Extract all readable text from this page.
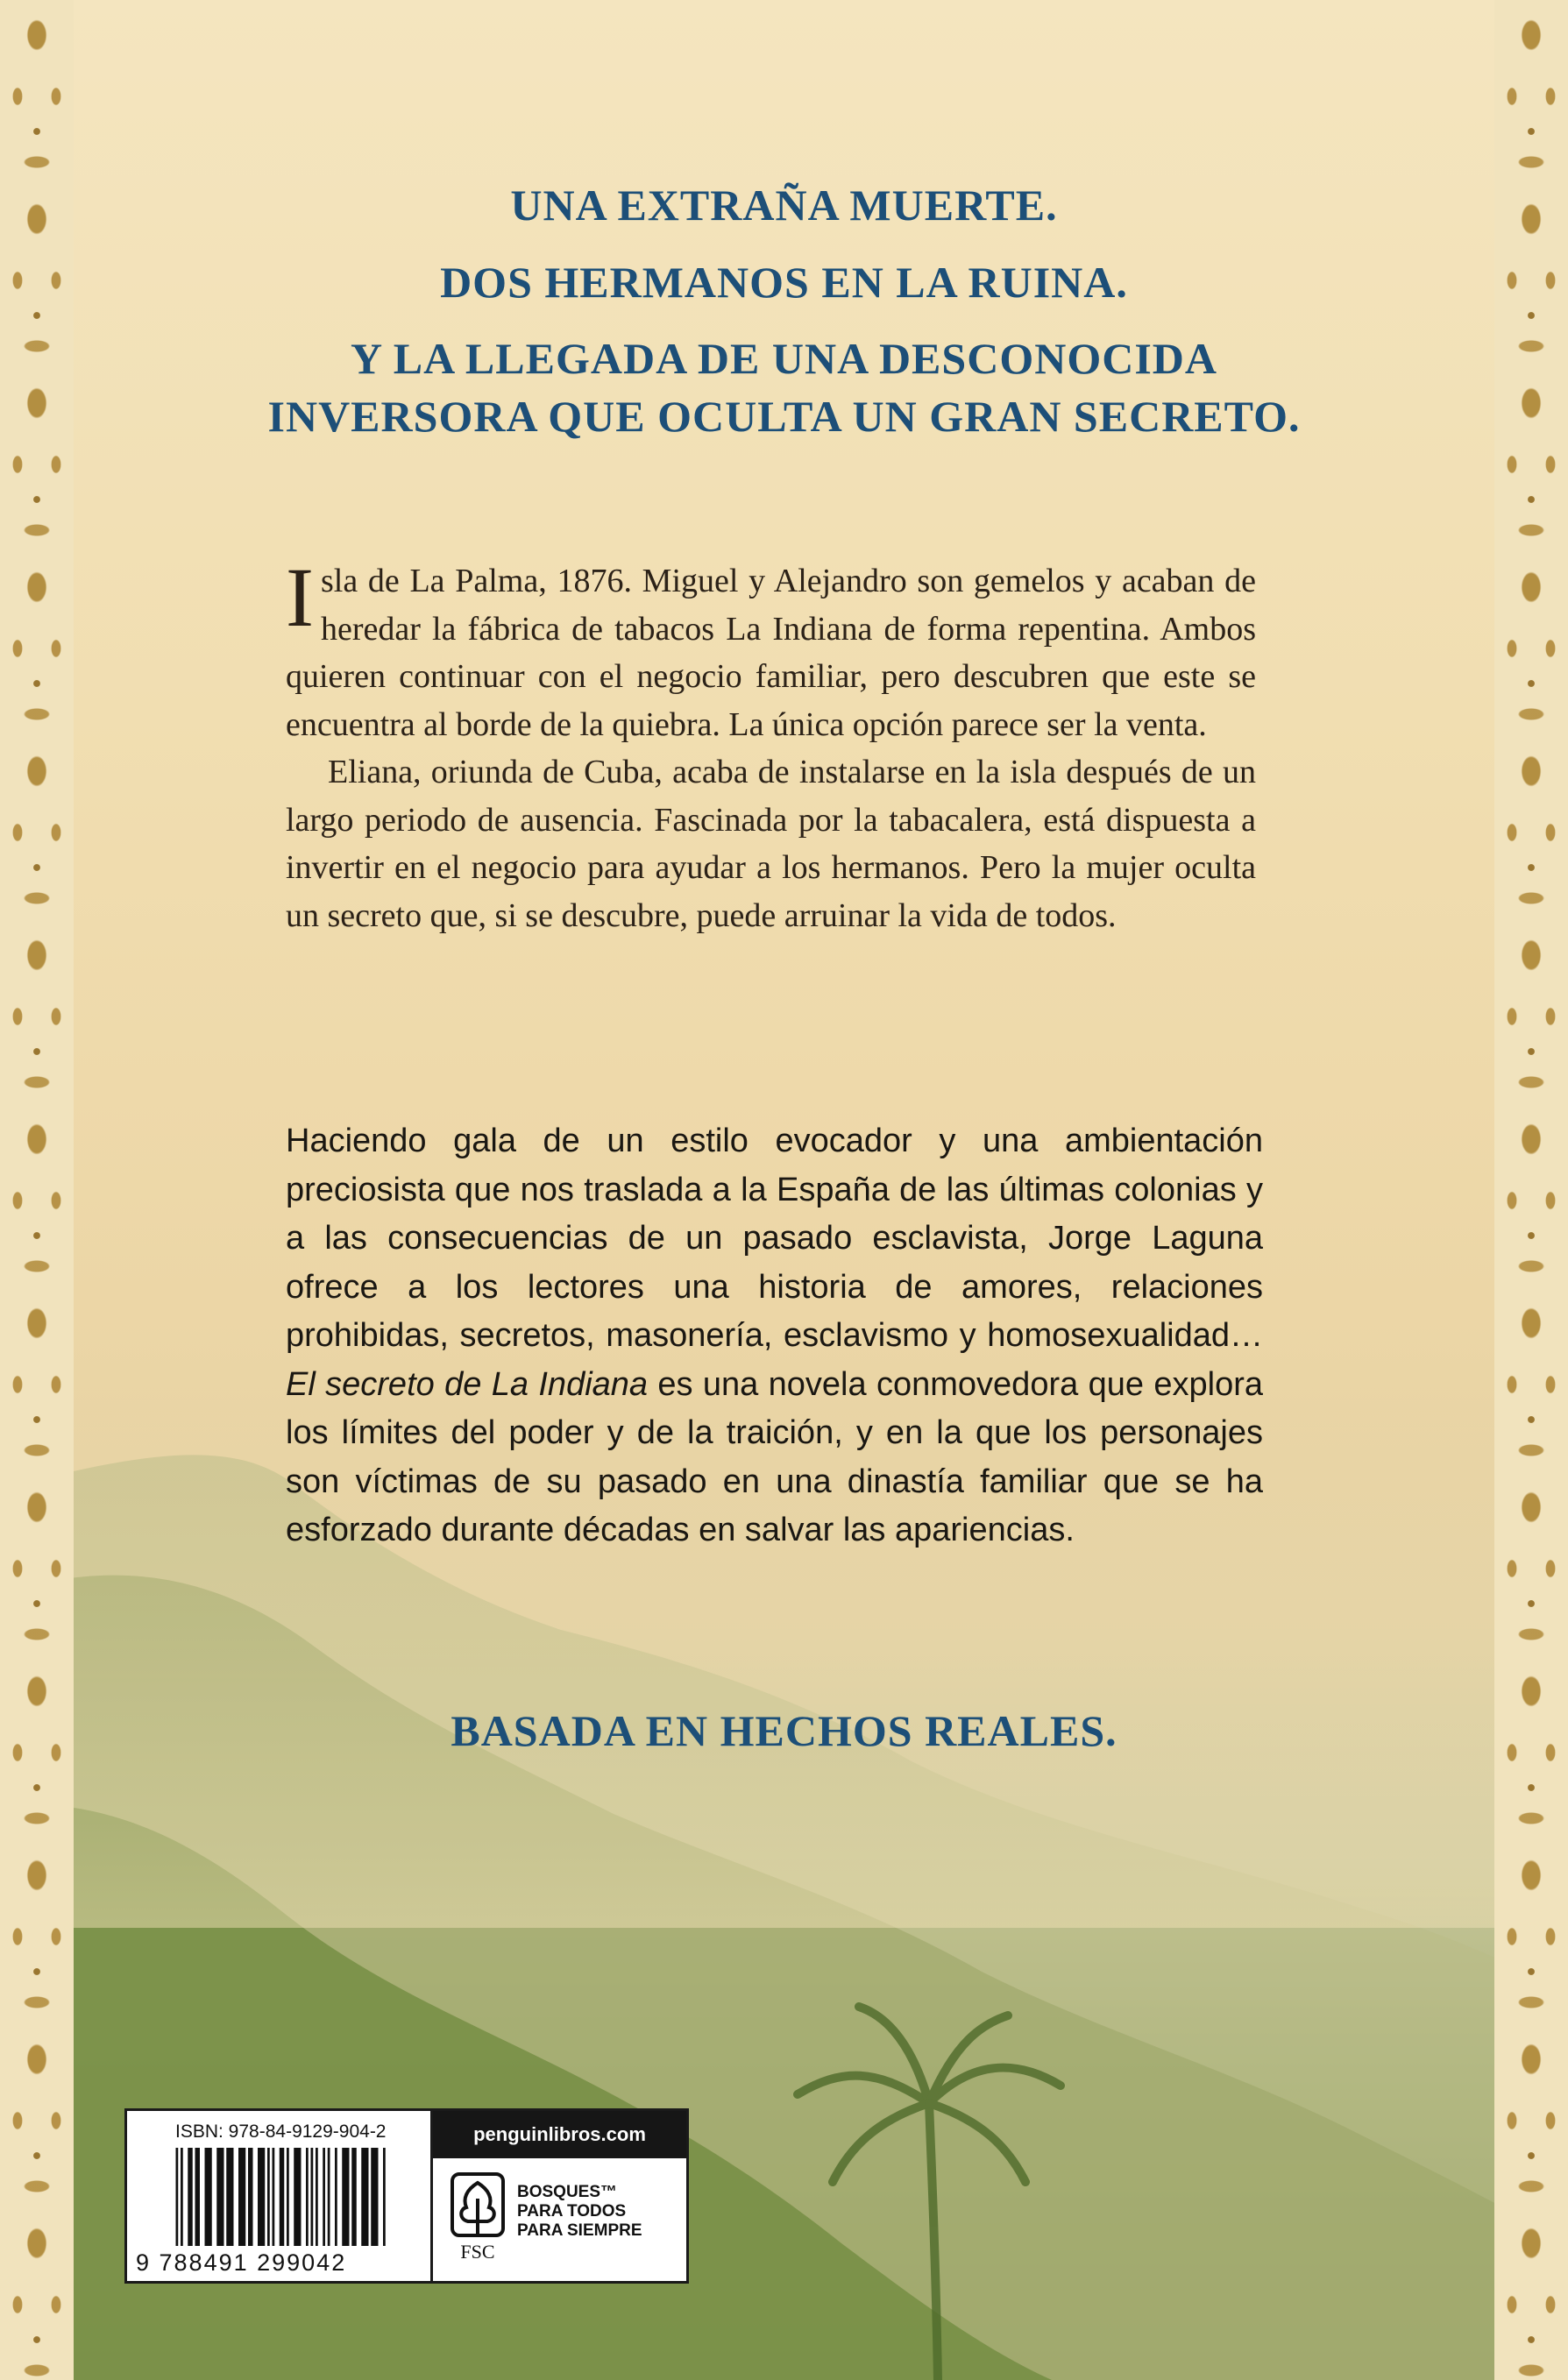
UNA EXTRAÑA MUERTE.

DOS HERMANOS EN LA RUINA.

Y LA LLEGADA DE UNA DESCONOCIDA

INVERSORA QUE OCULTA UN GRAN SECRETO.

Isla de La Palma, 1876. Miguel y Alejandro son gemelos y acaban de heredar la fábrica de tabacos La Indiana de forma repentina. Ambos quieren continuar con el negocio familiar, pero descubren que este se encuentra al borde de la quiebra. La única opción parece ser la venta.

Eliana, oriunda de Cuba, acaba de instalarse en la isla después de un largo periodo de ausencia. Fascinada por la tabacalera, está dispuesta a invertir en el negocio para ayudar a los hermanos. Pero la mujer oculta un secreto que, si se descubre, puede arruinar la vida de todos.

Haciendo gala de un estilo evocador y una ambientación preciosista que nos traslada a la España de las últimas colonias y a las consecuencias de un pasado esclavista, Jorge Laguna ofrece a los lectores una historia de amores, relaciones prohibidas, secretos, masonería, esclavismo y homosexualidad… El secreto de La Indiana es una novela conmovedora que explora los límites del poder y de la traición, y en la que los personajes son víctimas de su pasado en una dinastía familiar que se ha esforzado durante décadas en salvar las apariencias.

BASADA EN HECHOS REALES.

ISBN: 978-84-9129-904-2
9 788491 299042
penguinlibros.com
FSC
BOSQUES™
PARA TODOS
PARA SIEMPRE
